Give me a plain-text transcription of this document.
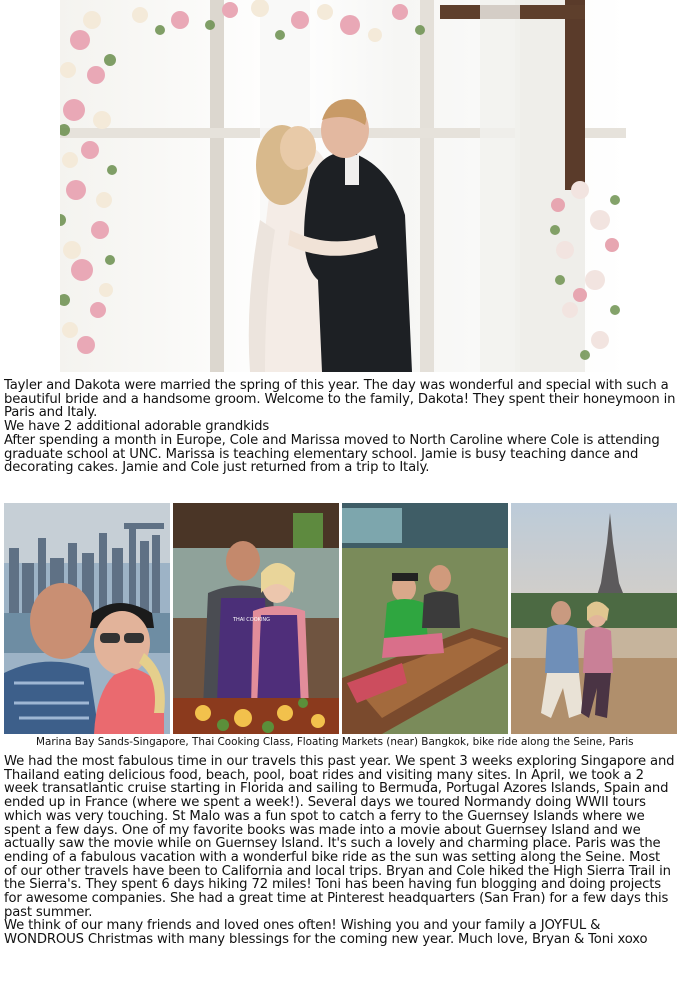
Tayler and Dakota were married the spring of this year. The day was wonderful and special with such a beautiful bride and a handsome groom. Welcome to the family, Dakota! They spent their honeymoon in Paris and Italy.
We have 2 additional adorable grandkids
After spending a month in Europe, Cole and Marissa moved to North Caroline where Cole is attending graduate school at UNC. Marissa is teaching elementary school. Jamie is busy teaching dance and decorating cakes. Jamie and Cole just returned from a trip to Italy.
THAI COOKING
Marina Bay Sands-Singapore, Thai Cooking Class, Floating Markets (near) Bangkok, bike ride along the Seine, Paris
We had the most fabulous time in our travels this past year. We spent 3 weeks exploring Singapore and Thailand eating delicious food, beach, pool, boat rides and visiting many sites. In April, we took a 2 week transatlantic cruise starting in Florida and sailing to Bermuda, Portugal Azores Islands, Spain and ended up in France (where we spent a week!). Several days we toured Normandy doing WWII tours which was very touching. St Malo was a fun spot to catch a ferry to the Guernsey Islands where we spent a few days. One of my favorite books was made into a movie about Guernsey Island and we actually saw the movie while on Guernsey Island. It's such a lovely and charming place. Paris was the ending of a fabulous vacation with a wonderful bike ride as the sun was setting along the Seine. Most of our other travels have been to California and local trips. Bryan and Cole hiked the High Sierra Trail in the Sierra's. They spent 6 days hiking 72 miles! Toni has been having fun blogging and doing projects for awesome companies. She had a great time at Pinterest headquarters (San Fran) for a few days this past summer.
We think of our many friends and loved ones often! Wishing you and your family a JOYFUL & WONDROUS Christmas with many blessings for the coming new year. Much love, Bryan & Toni xoxo
